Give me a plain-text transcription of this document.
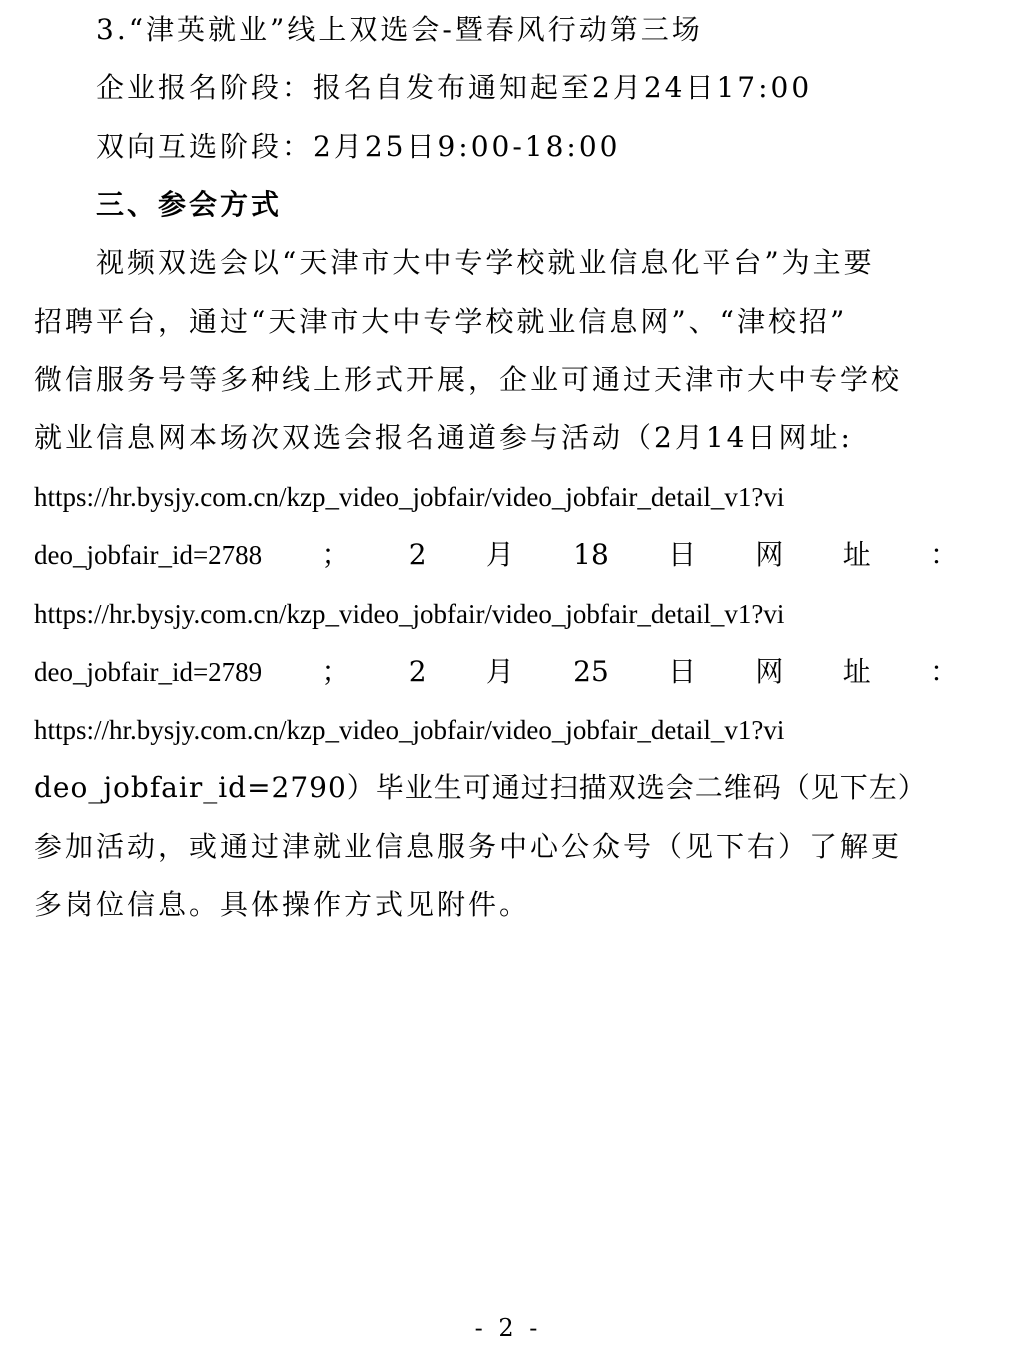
3.“津英就业”线上双选会-暨春风行动第三场
企业报名阶段：报名自发布通知起至2月24日17:00
双向互选阶段：2月25日9:00-18:00
三、参会方式
视频双选会以“天津市大中专学校就业信息化平台”为主要
招聘平台，通过“天津市大中专学校就业信息网”、“津校招”
微信服务号等多种线上形式开展，企业可通过天津市大中专学校
就业信息网本场次双选会报名通道参与活动（2月14日网址:
https://hr.bysjy.com.cn/kzp_video_jobfair/video_jobfair_detail_v1?vi
deo_jobfair_id=2788 ； 2 月 18 日 网 址 ：
https://hr.bysjy.com.cn/kzp_video_jobfair/video_jobfair_detail_v1?vi
deo_jobfair_id=2789 ； 2 月 25 日 网 址 ：
https://hr.bysjy.com.cn/kzp_video_jobfair/video_jobfair_detail_v1?vi
deo_jobfair_id=2790）毕业生可通过扫描双选会二维码（见下左）
参加活动，或通过津就业信息服务中心公众号（见下右）了解更
多岗位信息。具体操作方式见附件。
- 2 -
